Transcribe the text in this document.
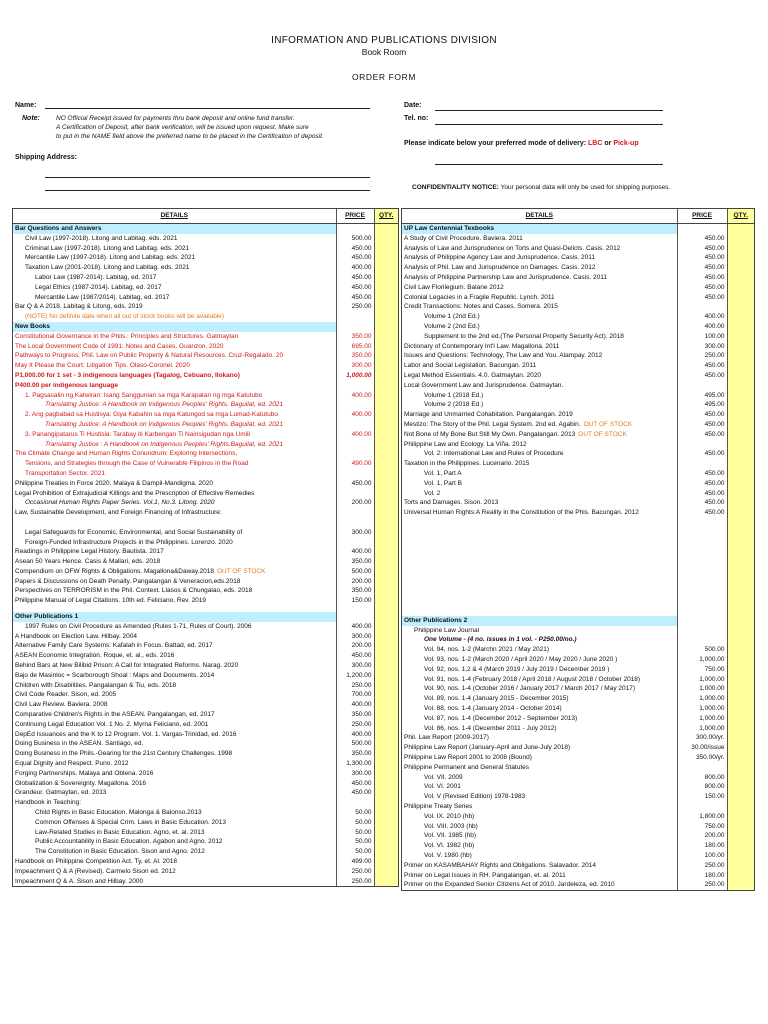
INFORMATION AND PUBLICATIONS DIVISION
Book Room
ORDER FORM
Name:
Note: NO Official Receipt issued for payments thru bank deposit and online fund transfer.
A Certification of Deposit, after bank verification, will be issued upon request. Make sure
to put in the NAME field above the preferred name to be placed in the Certification of deposit.
Shipping Address:
Date:
Tel. no:
Please indicate below your preferred mode of delivery: LBC or Pick-up
CONFIDENTIALITY NOTICE: Your personal data will only be used for shipping purposes.
DETAILS	PRICE	QTY.
Bar Questions and Answers		
Civil Law (1997-2018). Litong and Labitag. eds. 2021	500.00	
Criminal Law (1997-2018). Litong and Labitag. eds. 2021	450.00	
Mercantile Law (1997-2018). Litong and Labitag. eds. 2021	450.00	
Taxation Law (2001-2018). Litong and Labitag. eds. 2021	400.00	
Labor Law (1987-2014). Labitag, ed. 2017	450.00	
Legal Ethics (1987-2014). Labitag, ed. 2017	450.00	
Mercantile Law (1987/2014). Labitag, ed. 2017	450.00	
Bar Q & A 2018. Labitag & Litong, eds. 2019	250.00	
(NOTE) No definite date when all out of stock books will be available)		
New Books		
Constitutional Governance in the Phils.: Principles and Structures. Gatmaytan	350.00	
The Local Government Code of 1991: Notes and Cases. Guanzon. 2020	695.00	
Pathways to Progress: Phil. Law on Public Property & Natural Resources. Cruz-Regalado. 20	350.00	
May It Please the Court: Litigation Tips. Olaso-Coronel. 2020	300.00	
P1,000.00 for 1 set - 3 indigenous languages (Tagalog, Cebuano, Ilokano)	1,000.00	
P400.00 per indigenous language		
1. Pagsasalin ng Katwiran: Isang Sanggunian sa mga Karapatan ng mga Katutubo	400.00	
Translating Justice: A Handbook on Indigenous Peoples' Rights. Baguilat, ed. 2021		
2. Ang pagbabad sa Hustisya: Giya Kabahin sa mga Katungod sa mga Lumad-Katutubo	400.00	
Translating Justice: A Handbook on Indigenous Peoples' Rights. Baguilat, ed. 2021		
3. Panangipatarus Ti Hustisia: Tarabay iti Karbengan Ti Nainsigudan nga Umili	400.00	
Translating Justice : A Handbook on Indigenous Peoples' Rights.Baguilat, ed. 2021		
The Climate Change and Human Rights Conundrum: Exploring Intersections,		
Tensions, and Strategies through the Case of Vulnerable Filipinos in the Road	490.00	
Transportation Sector. 2021		
Philippine Treaties in Force 2020. Malaya & Dampil-Mandigma. 2020	450.00	
Legal Prohibition of Extrajudicial Killings and the Prescription of Effective Remedies		
Occasional Human Rights Paper Series. Vol.1, No.3. Litong. 2020	200.00	
Law, Sustainable Development, and Foreign Financing of Infrastructure:		

Legal Safeguards for Economic, Environmental, and Social Sustainability of	300.00	
Foreign-Funded Infrastructure Projects in the Philippines. Lorenzo. 2020		
Readings in Philippine Legal History. Bautista. 2017	400.00	
Asean 50 Years Hence. Casis & Mallari, eds. 2018	350.00	
Compendium on OFW Rights & Obligations. Magallona&Daway.2018 OUT OF STOCK	500.00	
Papers & Discussions on Death Penalty. Pangalangan & Veneracion,eds.2018	200.00	
Perspectives on TERRORISM in the Phil. Context. Llasos & Chungalao, eds. 2018	350.00	
Philippine Manual of Legal Citations. 10th ed. Feliciano, Rev. 2019	150.00	

Other Publications 1		
1997 Rules on Civil Procedure as Amended (Rules 1-71, Rules of Court). 2006	400.00	
A Handbook on Election Law. Hilbay. 2004	300.00	
Alternative Family Care Systems: Kafalah in Focus. Battad, ed. 2017	200.00	
ASEAN Economic Integration. Roque, et. al., eds. 2016	450.00	
Behind Bars at New Bilibid Prison: A Call for Integrated Reforms. Narag. 2020	300.00	
Bajo de Masinloc = Scarborough Shoal : Maps and Documents. 2014	1,200.00	
Children with Disabilities. Pangalangan & Tiu, eds. 2018	250.00	
Civil Code Reader. Sison, ed. 2005	700.00	
Civil Law Review. Baviera. 2008	400.00	
Comparative Children's Rights in the ASEAN. Pangalangan, ed. 2017	350.00	
Continuing Legal Education Vol. 1 No. 2. Myrna Feliciano, ed. 2001	250.00	
DepEd Issuances and the K to 12 Program. Vol. 1. Vargas-Trinidad, ed. 2016	400.00	
Doing Business in the ASEAN. Santiago, ed.	500.00	
Doing Business in the Phils.-Gearing for the 21st Century Challenges. 1998	350.00	
Equal Dignity and Respect. Puno. 2012	1,300.00	
Forging Partnerships. Malaya and Oblena. 2016	300.00	
Globalization & Sovereignty. Magallona. 2016	450.00	
Grandeur. Gatmaytan, ed. 2013	450.00	
Handbook in Teaching:		
Child Rights in Basic Education. Malonga & Balonso.2013	50.00	
Common Offenses & Special Crim. Laws in Basic Education. 2013	50.00	
Law-Related Studies in Basic Education. Agno, et. al. 2013	50.00	
Public Accountability in Basic Education. Agabon and Agno. 2012	50.00	
The Constitution in Basic Education. Sison and Agno. 2012	50.00	
Handbook on Philippine Competition Act. Ty, et. Al. 2018	499.00	
Impeachment Q & A (Revised). Carmelo Sison ed. 2012	250.00	
Impeachment Q & A. Sison and Hilbay. 2000	250.00	
DETAILS	PRICE	QTY.
UP Law Centennial Texbooks		
A Study of Civil Procedure. Baviera. 2011	450.00	
Analysis of Law and Jurisprudence on Torts and Quasi-Delicts. Casis. 2012	450.00	
Analysis of Philippine Agency Law and Jurisprudence. Casis. 2011	450.00	
Analysis of Phil. Law and Jurisprudence on Damages. Casis. 2012	450.00	
Analysis of Philippine Partnership Law and Jurisprudence. Casis. 2011	450.00	
Civil Law Florilegium. Balane 2012	450.00	
Colonial Legacies in a Fragile Republic. Lynch. 2011	450.00	
Credit Transactions: Notes and Cases. Somera. 2015		
Volume 1 (2nd Ed.)	400.00	
Volume 2 (2nd Ed.)	400.00	
Supplement to the 2nd ed.(The Personal Property Security Act). 2018	100.00	
Dictionary of Contemporary Int'l Law. Magallona. 2011	300.00	
Issues and Questions: Technology, The Law and You. Alampay. 2012	250.00	
Labor and Social Legislation. Bacungan. 2011	450.00	
Legal Method Essentials. 4.0. Gatmaytan. 2020	450.00	
Local Government Law and Jurisprudence. Gatmaytan.		
Volume 1 (2018 Ed.)	495.00	
Volume 2 (2018 Ed.)	495.00	
Marriage and Unmarried Cohabitation. Pangalangan. 2019	450.00	
Mestizo: The Story of the Phil. Legal System. 2nd ed. Agabin. OUT OF STOCK	450.00	
Not Bone of My Bone But Still My Own. Pangalangan. 2013 OUT OF STOCK	450.00	
Philippine Law and Ecology. La Viña. 2012		
Vol. 2: International Law and Rules of Procedure	450.00	
Taxation in the Philippines. Lucenario. 2015		
Vol. 1, Part A	450.00	
Vol. 1, Part B	450.00	
Vol. 2	450.00	
Torts and Damages. Sison. 2013	450.00	
Universal Human Rights:A Reality in the Constitution of the Phis. Bacungan. 2012	450.00	

Other Publications 2		
Philippine Law Journal		
One Volume - (4 no. issues in 1 vol. - P250.00/no.)		
Vol. 94, nos. 1-2 (Marchn 2021 / May 2021)	500.00	
Vol. 93, nos. 1-2 (March 2020 / April 2020 / May 2020 / June 2020 )	1,000.00	
Vol. 92, nos. 1,2 & 4 (March 2019 / July 2019 / December 2019 )	750.00	
Vol. 91, nos. 1-4 (February 2018 / April 2018 / August 2018 / October 2018)	1,000.00	
Vol. 90, nos. 1-4 (October 2016 / January 2017 / March 2017 / May 2017)	1,000.00	
Vol. 89, nos. 1-4 (January 2015 - December 2015)	1,000.00	
Vol. 88, nos. 1-4 (January 2014 - October 2014)	1,000.00	
Vol. 87, nos. 1-4 (December 2012 - September 2013)	1,000.00	
Vol. 86, nos. 1-4 (December 2011 - July 2012)	1,000.00	
Phil. Law Report (2009-2017)	300.00/yr.	
Philippine Law Report (January-April and June-July 2018)	30.00/issue	
Philippine Law Report 2001 to 2008 (Bound)	350.00/yr.	
Philippine Permanent and General Statutes		
Vol. VII. 2009	800.00	
Vol. VI. 2001	800.00	
Vol. V (Revised Edition) 1978-1983	150.00	
Philippine Treaty Series		
Vol. IX. 2010 (hb)	1,800.00	
Vol. VIII. 2003 (hb)	750.00	
Vol. VII. 1985 (hb)	200.00	
Vol. VI. 1982 (hb)	180.00	
Vol. V. 1980 (hb)	100.00	
Primer on KASAMBAHAY Rights and Obligations. Salavador. 2014	250.00	
Primer on Legal Issues in RH. Pangalangan, et. al. 2011	180.00	
Primer on the Expanded Senior Citizens Act of 2010. Jardeleza, ed. 2010	250.00	
